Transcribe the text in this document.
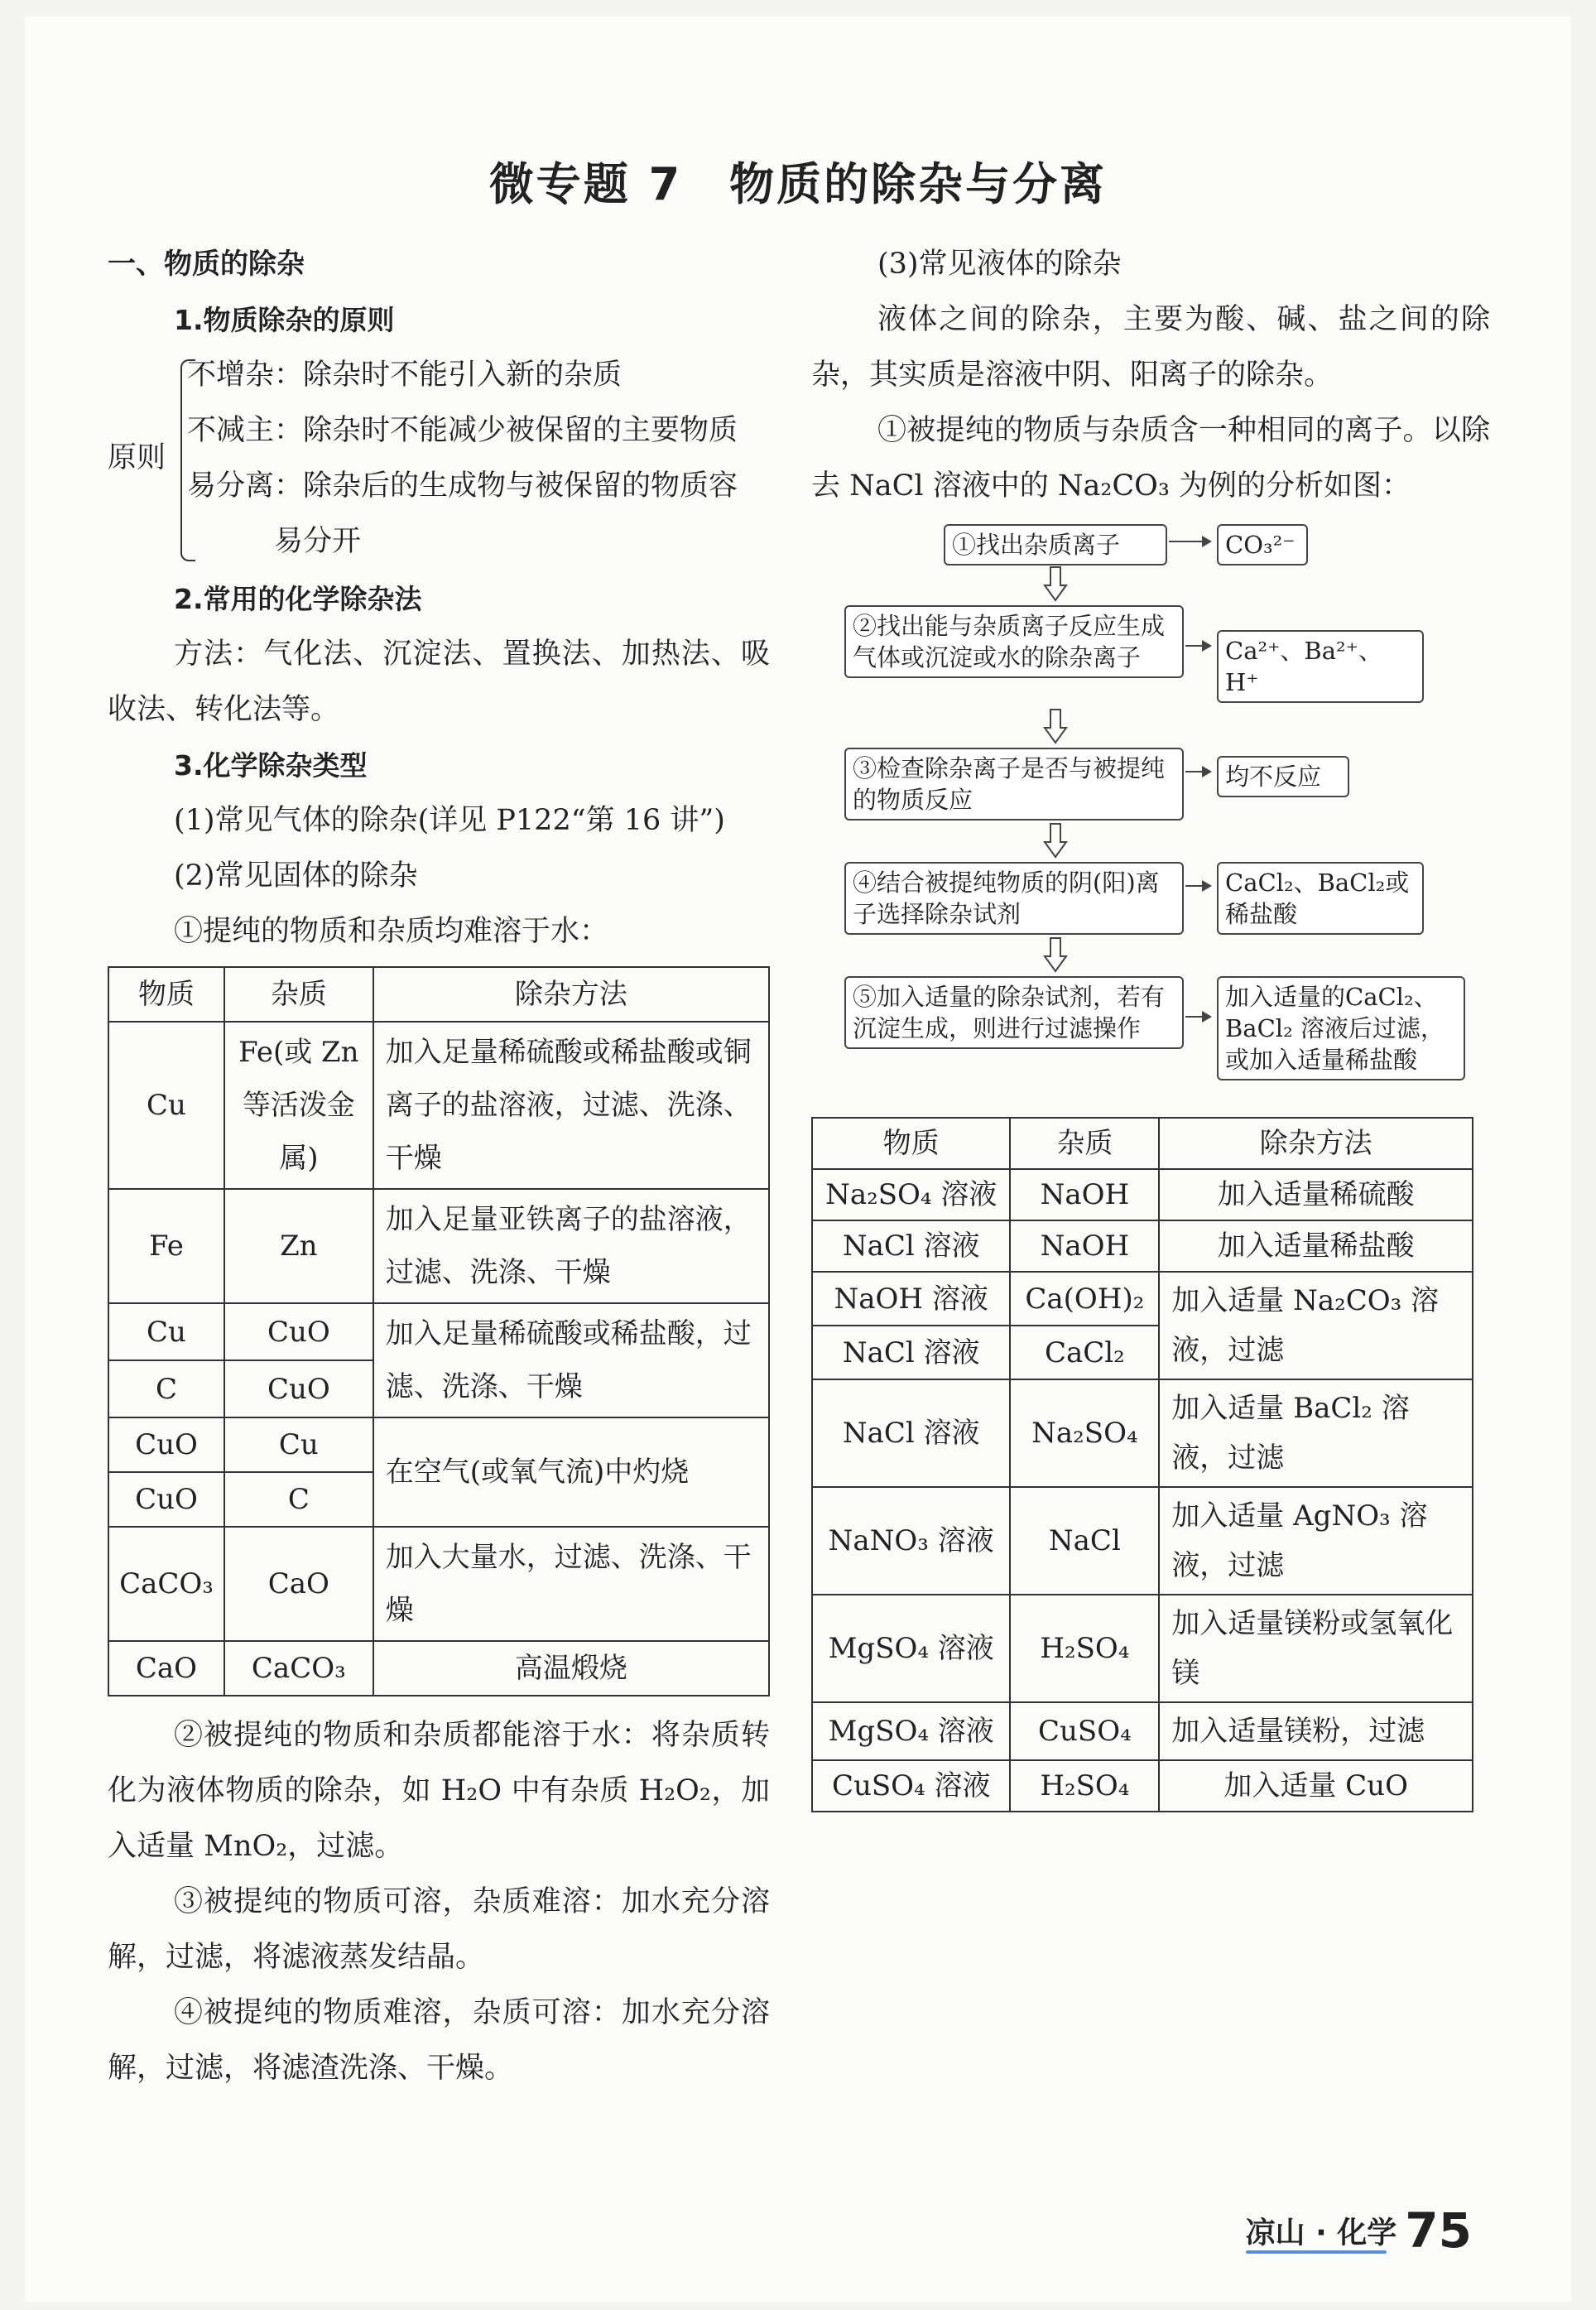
微专题 7　物质的除杂与分离
一、物质的除杂
1.物质除杂的原则
原则
不增杂：除杂时不能引入新的杂质
不减主：除杂时不能减少被保留的主要物质
易分离：除杂后的生成物与被保留的物质容
　　　易分开
2.常用的化学除杂法
方法：气化法、沉淀法、置换法、加热法、吸收法、转化法等。
3.化学除杂类型
(1)常见气体的除杂(详见 P122“第 16 讲”)
(2)常见固体的除杂
①提纯的物质和杂质均难溶于水：
物质	杂质	除杂方法
Cu	Fe(或 Zn 等活泼金属)	加入足量稀硫酸或稀盐酸或铜离子的盐溶液，过滤、洗涤、干燥
Fe	Zn	加入足量亚铁离子的盐溶液，过滤、洗涤、干燥
Cu	CuO	加入足量稀硫酸或稀盐酸，过滤、洗涤、干燥
C	CuO	
CuO	Cu	在空气(或氧气流)中灼烧
CuO	C	
CaCO₃	CaO	加入大量水，过滤、洗涤、干燥
CaO	CaCO₃	高温煅烧
②被提纯的物质和杂质都能溶于水：将杂质转化为液体物质的除杂，如 H₂O 中有杂质 H₂O₂，加入适量 MnO₂，过滤。
③被提纯的物质可溶，杂质难溶：加水充分溶解，过滤，将滤液蒸发结晶。
④被提纯的物质难溶，杂质可溶：加水充分溶解，过滤，将滤渣洗涤、干燥。
(3)常见液体的除杂
液体之间的除杂，主要为酸、碱、盐之间的除杂，其实质是溶液中阴、阳离子的除杂。
①被提纯的物质与杂质含一种相同的离子。以除去 NaCl 溶液中的 Na₂CO₃ 为例的分析如图：
①找出杂质离子	CO₃²⁻
②找出能与杂质离子反应生成气体或沉淀或水的除杂离子	Ca²⁺、Ba²⁺、H⁺
③检查除杂离子是否与被提纯的物质反应
均不反应
④结合被提纯物质的阴(阳)离子选择除杂试剂
CaCl₂、BaCl₂或稀盐酸
⑤加入适量的除杂试剂，若有沉淀生成，则进行过滤操作
加入适量的CaCl₂、BaCl₂ 溶液后过滤，或加入适量稀盐酸
物质	杂质	除杂方法
Na₂SO₄ 溶液	NaOH	加入适量稀硫酸
NaCl 溶液	NaOH	加入适量稀盐酸
NaOH 溶液	Ca(OH)₂	加入适量 Na₂CO₃ 溶液，过滤
NaCl 溶液	CaCl₂	
NaCl 溶液	Na₂SO₄	加入适量 BaCl₂ 溶液，过滤
NaNO₃ 溶液	NaCl	加入适量 AgNO₃ 溶液，过滤
MgSO₄ 溶液	H₂SO₄	加入适量镁粉或氢氧化镁
MgSO₄ 溶液	CuSO₄	加入适量镁粉，过滤
CuSO₄ 溶液	H₂SO₄	加入适量 CuO
凉山 · 化学 75
